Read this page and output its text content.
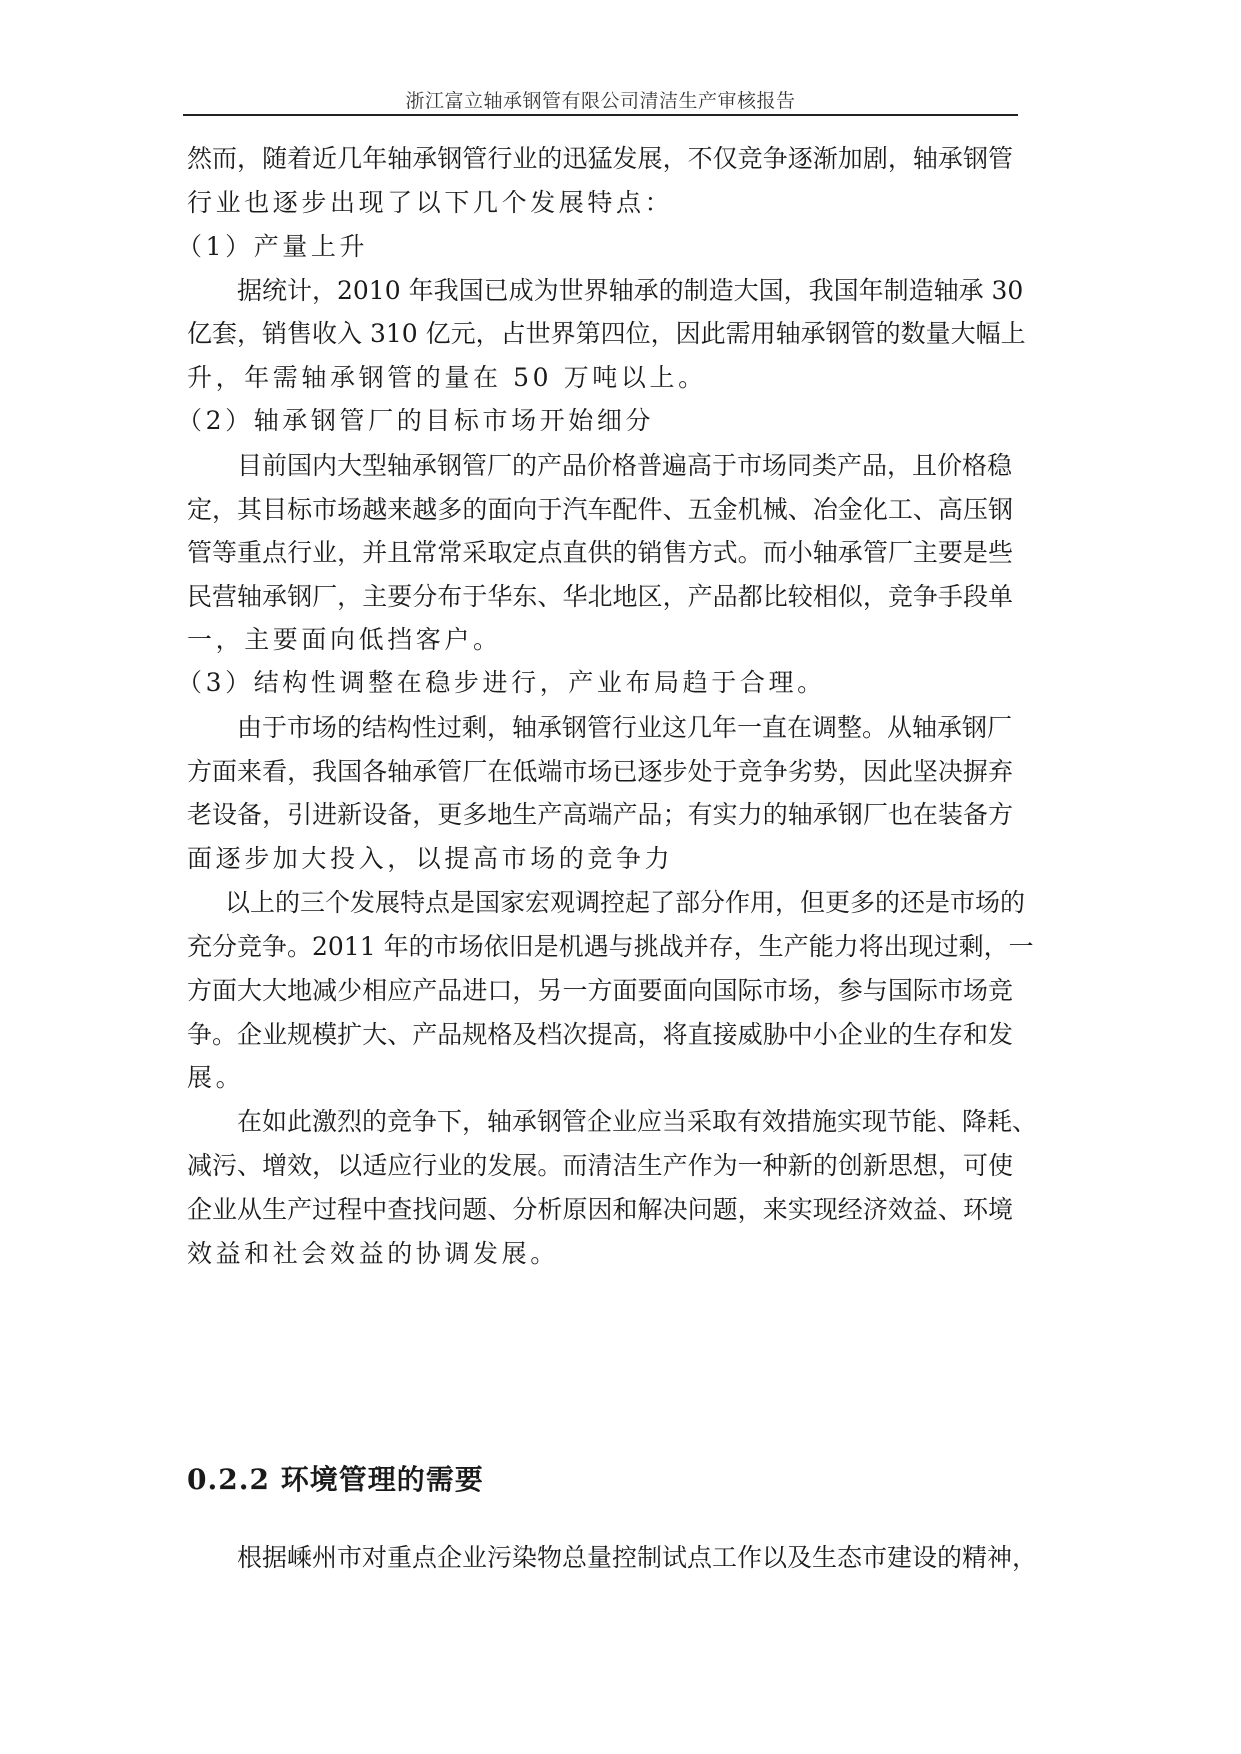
浙江富立轴承钢管有限公司清洁生产审核报告
然而，随着近几年轴承钢管行业的迅猛发展，不仅竞争逐渐加剧，轴承钢管
行业也逐步出现了以下几个发展特点：
（1）产量上升
据统计，2010 年我国已成为世界轴承的制造大国，我国年制造轴承 30
亿套，销售收入 310 亿元，占世界第四位，因此需用轴承钢管的数量大幅上
升，年需轴承钢管的量在 50 万吨以上。
（2）轴承钢管厂的目标市场开始细分
目前国内大型轴承钢管厂的产品价格普遍高于市场同类产品，且价格稳
定，其目标市场越来越多的面向于汽车配件、五金机械、冶金化工、高压钢
管等重点行业，并且常常采取定点直供的销售方式。而小轴承管厂主要是些
民营轴承钢厂，主要分布于华东、华北地区，产品都比较相似，竞争手段单
一，主要面向低挡客户。
（3）结构性调整在稳步进行，产业布局趋于合理。
由于市场的结构性过剩，轴承钢管行业这几年一直在调整。从轴承钢厂
方面来看，我国各轴承管厂在低端市场已逐步处于竞争劣势，因此坚决摒弃
老设备，引进新设备，更多地生产高端产品；有实力的轴承钢厂也在装备方
面逐步加大投入，以提高市场的竞争力
以上的三个发展特点是国家宏观调控起了部分作用，但更多的还是市场的
充分竞争。2011 年的市场依旧是机遇与挑战并存，生产能力将出现过剩，一
方面大大地减少相应产品进口，另一方面要面向国际市场，参与国际市场竞
争。企业规模扩大、产品规格及档次提高，将直接威胁中小企业的生存和发
展。
在如此激烈的竞争下，轴承钢管企业应当采取有效措施实现节能、降耗、
减污、增效，以适应行业的发展。而清洁生产作为一种新的创新思想，可使
企业从生产过程中查找问题、分析原因和解决问题，来实现经济效益、环境
效益和社会效益的协调发展。
0.2.2 环境管理的需要
根据嵊州市对重点企业污染物总量控制试点工作以及生态市建设的精神，
